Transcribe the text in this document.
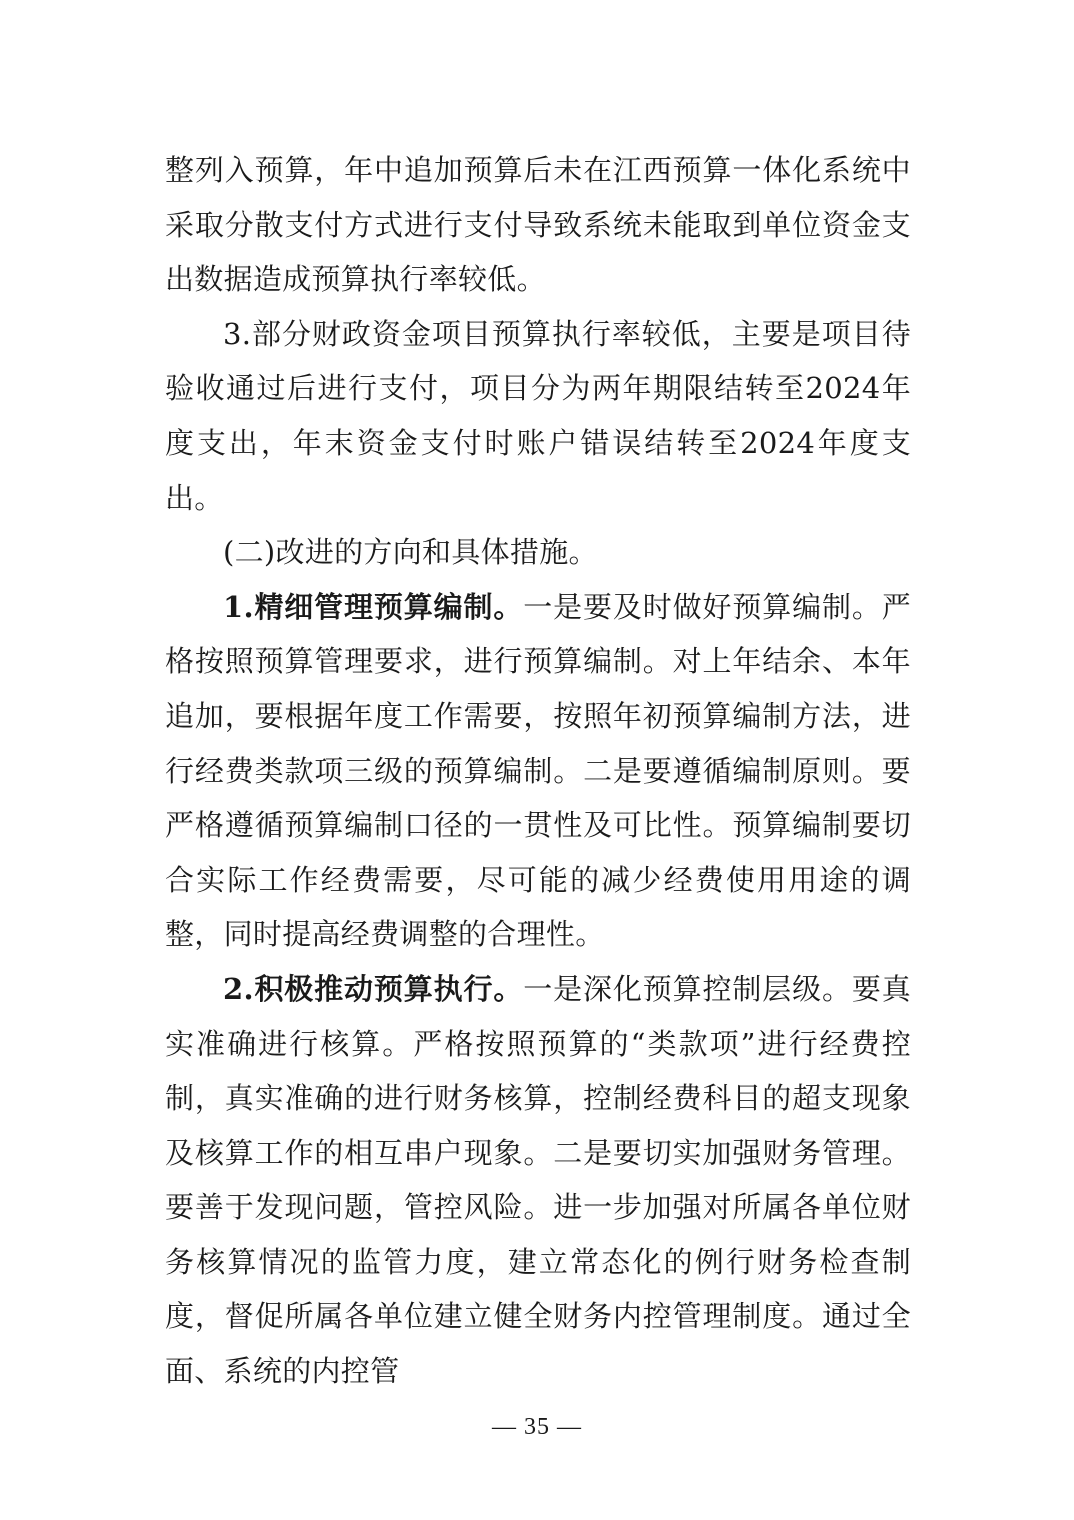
整列入预算，年中追加预算后未在江西预算一体化系统中采取分散支付方式进行支付导致系统未能取到单位资金支出数据造成预算执行率较低。

3.部分财政资金项目预算执行率较低，主要是项目待验收通过后进行支付，项目分为两年期限结转至2024年度支出，年末资金支付时账户错误结转至2024年度支出。

(二)改进的方向和具体措施。

1.精细管理预算编制。一是要及时做好预算编制。严格按照预算管理要求，进行预算编制。对上年结余、本年追加，要根据年度工作需要，按照年初预算编制方法，进行经费类款项三级的预算编制。二是要遵循编制原则。要严格遵循预算编制口径的一贯性及可比性。预算编制要切合实际工作经费需要，尽可能的减少经费使用用途的调整，同时提高经费调整的合理性。

2.积极推动预算执行。一是深化预算控制层级。要真实准确进行核算。严格按照预算的“类款项”进行经费控制，真实准确的进行财务核算，控制经费科目的超支现象及核算工作的相互串户现象。二是要切实加强财务管理。要善于发现问题，管控风险。进一步加强对所属各单位财务核算情况的监管力度，建立常态化的例行财务检查制度，督促所属各单位建立健全财务内控管理制度。通过全面、系统的内控管

— 35 —
